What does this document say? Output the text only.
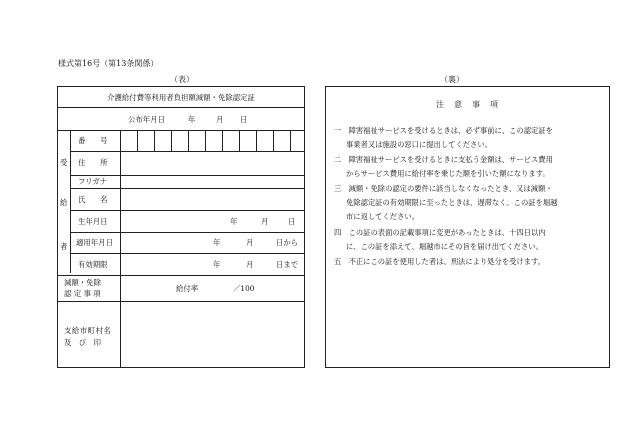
様式第16号（第13条関係）
（表）	（裏）
介護給付費等利用者負担額減額・免除認定証
公布年月日	年	月 日
受
給
者
番　　号
住　　所
フリガナ
氏　　名
生年月日	年	月	日
適用年月日	年	月	日から
有効期限	年	月	日まで
減額・免除
認 定 事 項
給付率	／100
支給市町村名
及　び　印
注　意　事　項
一　 障害福祉サービスを受けるときは、必ず事前に、この認定証を
事業者又は施設の窓口に提出してください。
二　 障害福祉サービスを受けるときに支払う金額は、サービス費用
からサービス費用に給付率を乗じた額を引いた額になります。
三　 減額・免除の認定の要件に該当しなくなったとき、又は減額・
免除認定証の有効期限に至ったときは、遅滞なく、この証を堀越
市に返してください。
四　 この証の表面の記載事項に変更があったときは、十四日以内
に、この証を添えて、堀越市にその旨を届け出てください。
五　 不正にこの証を使用した者は、刑法により処分を受けます。
